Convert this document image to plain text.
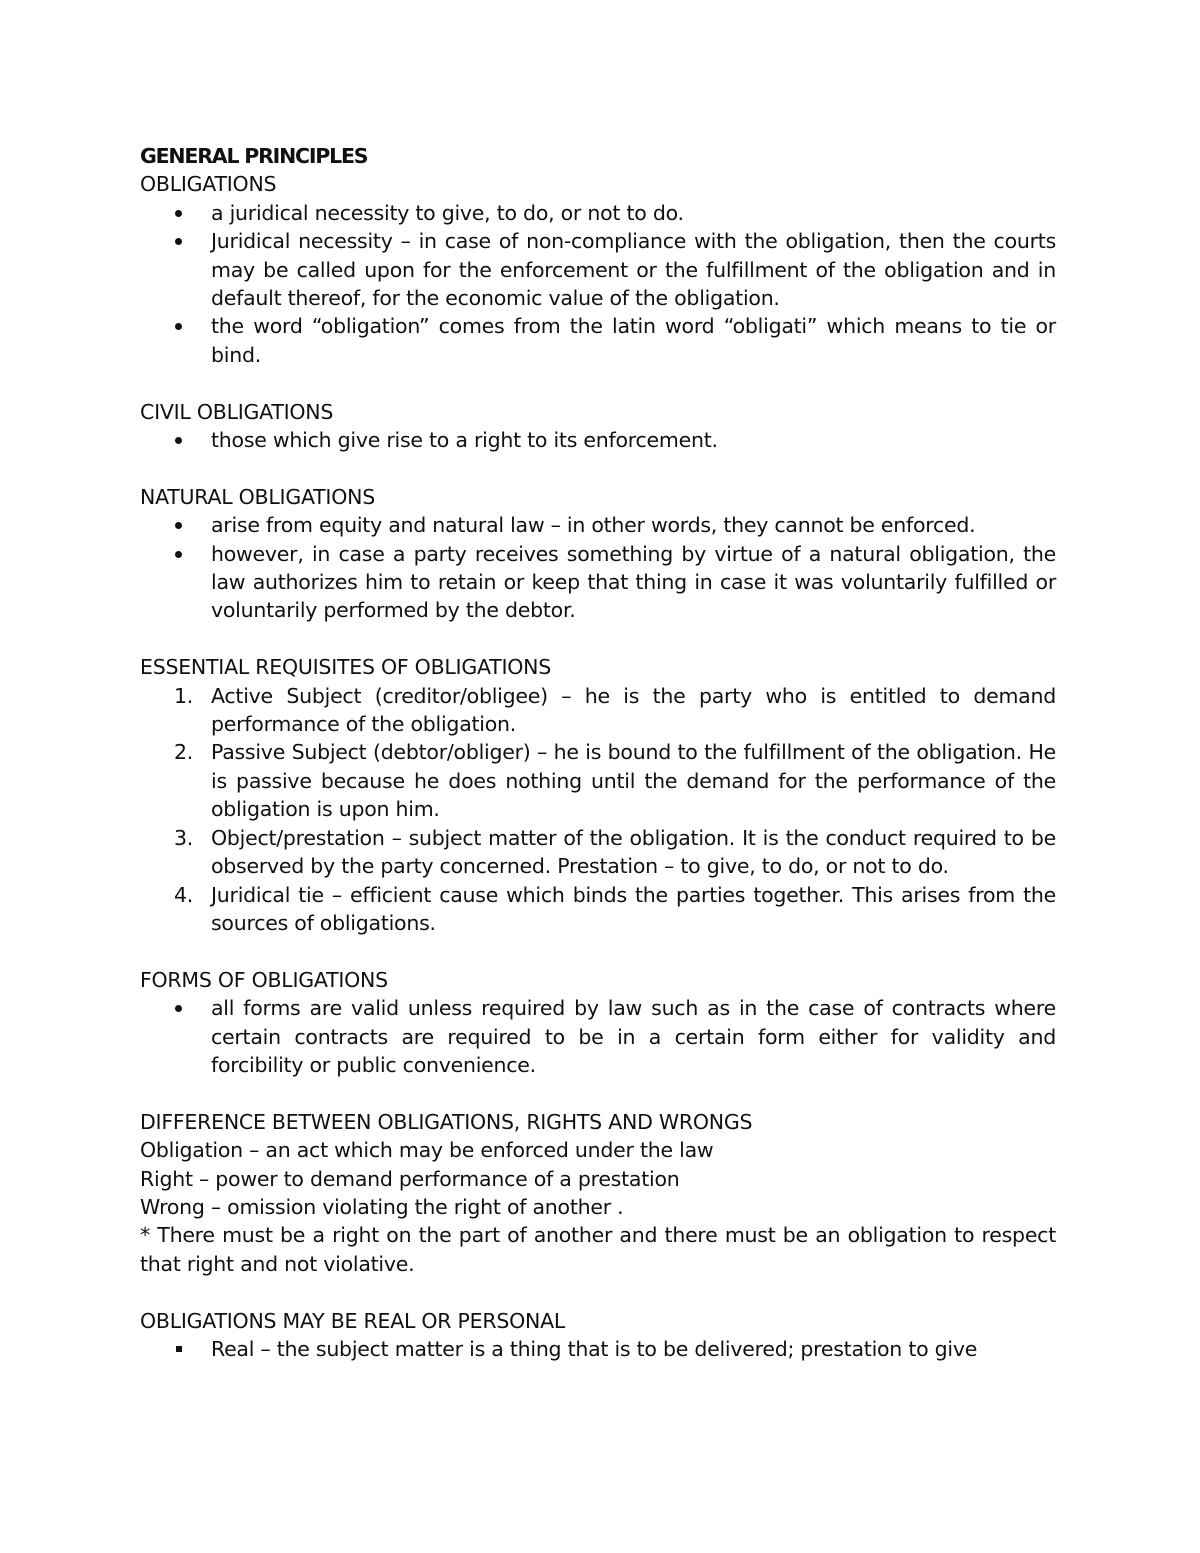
GENERAL PRINCIPLES

OBLIGATIONS

a juridical necessity to give, to do, or not to do.
Juridical necessity – in case of non-compliance with the obligation, then the courts may be called upon for the enforcement or the fulfillment of the obligation and in default thereof, for the economic value of the obligation.
the word “obligation” comes from the latin word “obligati” which means to tie or bind.

CIVIL OBLIGATIONS

those which give rise to a right to its enforcement.

NATURAL OBLIGATIONS

arise from equity and natural law – in other words, they cannot be enforced.
however, in case a party receives something by virtue of a natural obligation, the law authorizes him to retain or keep that thing in case it was voluntarily fulfilled or voluntarily performed by the debtor.

ESSENTIAL REQUISITES OF OBLIGATIONS

1. Active Subject (creditor/obligee) – he is the party who is entitled to demand performance of the obligation.
2. Passive Subject (debtor/obliger) – he is bound to the fulfillment of the obligation. He is passive because he does nothing until the demand for the performance of the obligation is upon him.
3. Object/prestation – subject matter of the obligation. It is the conduct required to be observed by the party concerned. Prestation – to give, to do, or not to do.
4. Juridical tie – efficient cause which binds the parties together. This arises from the sources of obligations.

FORMS OF OBLIGATIONS

all forms are valid unless required by law such as in the case of contracts where certain contracts are required to be in a certain form either for validity and forcibility or public convenience.

DIFFERENCE BETWEEN OBLIGATIONS, RIGHTS AND WRONGS

Obligation – an act which may be enforced under the law

Right – power to demand performance of a prestation

Wrong – omission violating the right of another .

* There must be a right on the part of another and there must be an obligation to respect that right and not violative.

OBLIGATIONS MAY BE REAL OR PERSONAL

Real – the subject matter is a thing that is to be delivered; prestation to give
